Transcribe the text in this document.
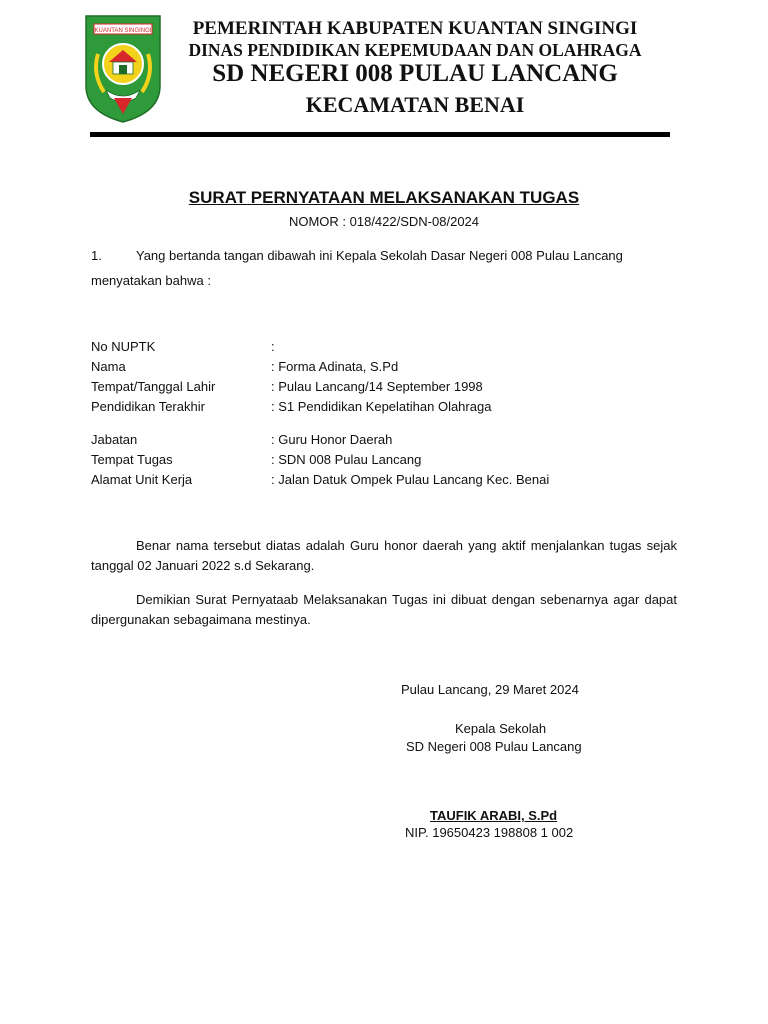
KUANTAN SINGINGI	PEMERINTAH KABUPATEN KUANTAN SINGINGI
DINAS PENDIDIKAN KEPEMUDAAN DAN OLAHRAGA
SD NEGERI 008 PULAU LANCANG
KECAMATAN BENAI
SURAT PERNYATAAN MELAKSANAKAN TUGAS
NOMOR : 018/422/SDN-08/2024
1.	Yang bertanda tangan dibawah ini Kepala Sekolah Dasar Negeri 008 Pulau Lancang
menyatakan bahwa :
No NUPTK	:
Nama	: Forma Adinata, S.Pd
Tempat/Tanggal Lahir	: Pulau Lancang/14 September 1998
Pendidikan Terakhir	: S1 Pendidikan Kepelatihan Olahraga
Jabatan	: Guru Honor Daerah
Tempat Tugas	: SDN 008 Pulau Lancang
Alamat Unit Kerja	: Jalan Datuk Ompek Pulau Lancang Kec. Benai
Benar nama tersebut diatas adalah Guru honor daerah yang aktif menjalankan tugas sejak tanggal 02 Januari 2022 s.d Sekarang.
Demikian Surat Pernyataab Melaksanakan Tugas ini dibuat dengan sebenarnya agar dapat dipergunakan sebagaimana mestinya.
Pulau Lancang, 29 Maret 2024
Kepala Sekolah
SD Negeri 008 Pulau Lancang
TAUFIK ARABI, S.Pd
NIP. 19650423 198808 1 002
